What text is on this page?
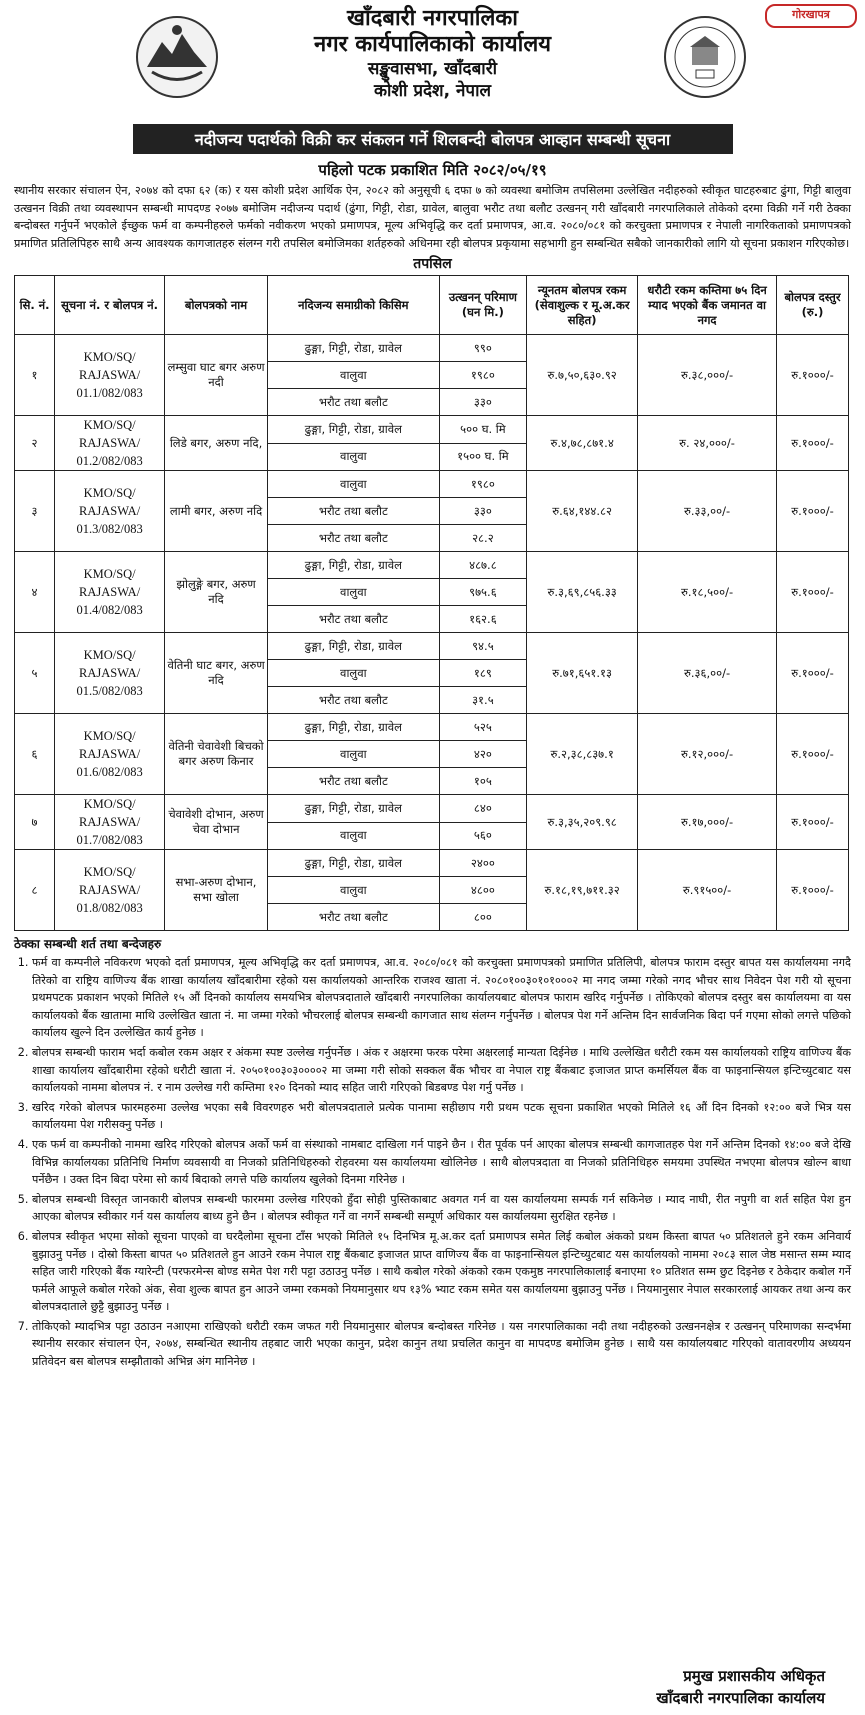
गोरखापत्र
खाँदबारी नगरपालिका
नगर कार्यपालिकाको कार्यालय
सङ्खुवासभा, खाँदबारी
कोशी प्रदेश, नेपाल
नदीजन्य पदार्थको विक्री कर संकलन गर्ने शिलबन्दी बोलपत्र आव्हान सम्बन्धी सूचना
पहिलो पटक प्रकाशित मिति २०८२/०५/१९
स्थानीय सरकार संचालन ऐन, २०७४ को दफा ६२ (क) र यस कोशी प्रदेश आर्थिक ऐन, २०८२ को अनुसूची ६ दफा ७ को व्यवस्था बमोजिम तपसिलमा उल्लेखित नदीहरुको स्वीकृत घाटहरुबाट ढुंगा, गिट्टी बालुवा उत्खनन विक्री तथा व्यवस्थापन सम्बन्धी मापदण्ड २०७७ बमोजिम नदीजन्य पदार्थ (ढुंगा, गिट्टी, रोडा, ग्रावेल, बालुवा भरौट तथा बलौट उत्खनन् गरी खाँदबारी नगरपालिकाले तोकेको दरमा विक्री गर्ने गरी ठेक्का बन्दोबस्त गर्नुपर्ने भएकोले ईच्छुक फर्म वा कम्पनीहरुले फर्मको नवीकरण भएको प्रमाणपत्र, मूल्य अभिवृद्धि कर दर्ता प्रमाणपत्र, आ.व. २०८०/०८१ को करचुक्ता प्रमाणपत्र र नेपाली नागरिकताको प्रमाणपत्रको प्रमाणित प्रतिलिपिहरु साथै अन्य आवश्यक कागजातहरु संलग्न गरी तपसिल बमोजिमका शर्तहरुको अधिनमा रही बोलपत्र प्रकृयामा सहभागी हुन सम्बन्धित सबैको जानकारीको लागि यो सूचना प्रकाशन गरिएकोछ।
तपसिल
सि. नं.	सूचना नं. र बोलपत्र नं.	बोलपत्रको नाम	नदिजन्य समाग्रीको किसिम	उत्खनन् परिमाण (घन मि.)	न्यूनतम बोलपत्र रकम (सेवाशुल्क र मू.अ.कर सहित)	धरौटी रकम कम्तिमा ७५ दिन म्याद भएको बैंक जमानत वा नगद	बोलपत्र दस्तुर (रु.)
१	KMO/SQ/ RAJASWA/ 01.1/082/083	लम्सुवा घाट बगर अरुण नदी	ढुङ्गा, गिट्टी, रोडा, ग्रावेल	९९०	रु.७,५०,६३०.९२	रु.३८,०००/-	रु.१०००/-
			वालुवा	१९८०			
			भरौट तथा बलौट	३३०			
२	KMO/SQ/ RAJASWA/ 01.2/082/083	लिडे बगर, अरुण नदि,	ढुङ्गा, गिट्टी, रोडा, ग्रावेल	५०० घ. मि	रु.४,७८,८७१.४	रु. २४,०००/-	रु.१०००/-
			वालुवा	१५०० घ. मि			
३	KMO/SQ/ RAJASWA/ 01.3/082/083	लामी बगर, अरुण नदि	वालुवा	१९८०	रु.६४,१४४.८२	रु.३३,००/-	रु.१०००/-
			भरौट तथा बलौट	३३०			
			भरौट तथा बलौट	२८.२			
४	KMO/SQ/ RAJASWA/ 01.4/082/083	झोलुङ्गे बगर, अरुण नदि	ढुङ्गा, गिट्टी, रोडा, ग्रावेल	४८७.८	रु.३,६९,८५६.३३	रु.१८,५००/-	रु.१०००/-
			वालुवा	९७५.६			
			भरौट तथा बलौट	१६२.६			
५	KMO/SQ/ RAJASWA/ 01.5/082/083	वेतिनी घाट बगर, अरुण नदि	ढुङ्गा, गिट्टी, रोडा, ग्रावेल	९४.५	रु.७१,६५१.१३	रु.३६,००/-	रु.१०००/-
			वालुवा	१८९			
			भरौट तथा बलौट	३१.५			
६	KMO/SQ/ RAJASWA/ 01.6/082/083	वेतिनी चेवावेशी बिचको बगर अरुण किनार	ढुङ्गा, गिट्टी, रोडा, ग्रावेल	५२५	रु.२,३८,८३७.१	रु.१२,०००/-	रु.१०००/-
			वालुवा	४२०			
			भरौट तथा बलौट	१०५			
७	KMO/SQ/ RAJASWA/ 01.7/082/083	चेवावेशी दोभान, अरुण चेवा दोभान	ढुङ्गा, गिट्टी, रोडा, ग्रावेल	८४०	रु.३,३५,२०९.९८	रु.१७,०००/-	रु.१०००/-
			वालुवा	५६०			
८	KMO/SQ/ RAJASWA/ 01.8/082/083	सभा-अरुण दोभान, सभा खोला	ढुङ्गा, गिट्टी, रोडा, ग्रावेल	२४००	रु.१८,१९,७११.३२	रु.९१५००/-	रु.१०००/-
			वालुवा	४८००			
			भरौट तथा बलौट	८००			
ठेक्का सम्बन्धी शर्त तथा बन्देजहरु
1. फर्म वा कम्पनीले नविकरण भएको दर्ता प्रमाणपत्र, मूल्य अभिवृद्धि कर दर्ता प्रमाणपत्र, आ.व. २०८०/०८१ को करचुक्ता प्रमाणपत्रको प्रमाणित प्रतिलिपी, बोलपत्र फाराम दस्तुर बापत यस कार्यालयमा नगदै तिरेको वा राष्ट्रिय वाणिज्य बैंक शाखा कार्यालय खाँदबारीमा रहेको यस कार्यालयको आन्तरिक राजश्व खाता नं. २०८०१००३०१०१०००२ मा नगद जम्मा गरेको नगद भौचर साथ निवेदन पेश गरी यो सूचना प्रथमपटक प्रकाशन भएको मितिले १५ औं दिनको कार्यालय समयभित्र बोलपत्रदाताले खाँदबारी नगरपालिका कार्यालयबाट बोलपत्र फाराम खरिद गर्नुपर्नेछ । तोकिएको बोलपत्र दस्तुर बस कार्यालयमा वा यस कार्यालयको बैंक खातामा माथि उल्लेखित खाता नं. मा जम्मा गरेको भौचरलाई बोलपत्र सम्बन्धी कागजात साथ संलग्न गर्नुपर्नेछ । बोलपत्र पेश गर्ने अन्तिम दिन सार्वजनिक बिदा पर्न गएमा सोको लगत्ते पछिको कार्यालय खुल्ने दिन उल्लेखित कार्य हुनेछ ।
2. बोलपत्र सम्बन्धी फाराम भर्दा कबोल रकम अक्षर र अंकमा स्पष्ट उल्लेख गर्नुपर्नेछ । अंक र अक्षरमा फरक परेमा अक्षरलाई मान्यता दिईनेछ । माथि उल्लेखित धरौटी रकम यस कार्यालयको राष्ट्रिय वाणिज्य बैंक शाखा कार्यालय खाँदबारीमा रहेको धरौटी खाता नं. २०५०१००३०३००००२ मा जम्मा गरी सोको सक्कल बैंक भौचर वा नेपाल राष्ट्र बैंकबाट इजाजत प्राप्त कमर्सियल बैंक वा फाइनान्सियल इन्टिच्युटबाट यस कार्यालयको नाममा बोलपत्र नं. र नाम उल्लेख गरी कम्तिमा १२० दिनको म्याद सहित जारी गरिएको बिडबण्ड पेश गर्नु पर्नेछ ।
3. खरिद गरेको बोलपत्र फारमहरुमा उल्लेख भएका सबै विवरणहरु भरी बोलपत्रदाताले प्रत्येक पानामा सहीछाप गरी प्रथम पटक सूचना प्रकाशित भएको मितिले १६ औं दिन दिनको १२:०० बजे भित्र यस कार्यालयमा पेश गरीसक्नु पर्नेछ ।
4. एक फर्म वा कम्पनीको नाममा खरिद गरिएको बोलपत्र अर्को फर्म वा संस्थाको नामबाट दाखिला गर्न पाइने छैन । रीत पूर्वक पर्न आएका बोलपत्र सम्बन्धी कागजातहरु पेश गर्ने अन्तिम दिनको १४:०० बजे देखि विभिन्न कार्यालयका प्रतिनिधि निर्माण व्यवसायी वा निजको प्रतिनिधिहरुको रोहवरमा यस कार्यालयमा खोलिनेछ । साथै बोलपत्रदाता वा निजको प्रतिनिधिहरु समयमा उपस्थित नभएमा बोलपत्र खोल्न बाधा पर्नेछैन । उक्त दिन बिदा परेमा सो कार्य बिदाको लगत्ते पछि कार्यालय खुलेको दिनमा गरिनेछ ।
5. बोलपत्र सम्बन्धी विस्तृत जानकारी बोलपत्र सम्बन्धी फारममा उल्लेख गरिएको हुँदा सोही पुस्तिकाबाट अवगत गर्न वा यस कार्यालयमा सम्पर्क गर्न सकिनेछ । म्याद नाघी, रीत नपुगी वा शर्त सहित पेश हुन आएका बोलपत्र स्वीकार गर्न यस कार्यालय बाध्य हुने छैन । बोलपत्र स्वीकृत गर्ने वा नगर्ने सम्बन्धी सम्पूर्ण अधिकार यस कार्यालयमा सुरक्षित रहनेछ ।
6. बोलपत्र स्वीकृत भएमा सोको सूचना पाएको वा घरदैलोमा सूचना टाँस भएको मितिले १५ दिनभित्र मू.अ.कर दर्ता प्रमाणपत्र समेत लिई कबोल अंकको प्रथम किस्ता बापत ५० प्रतिशतले हुने रकम अनिवार्य बुझाउनु पर्नेछ । दोस्रो किस्ता बापत ५० प्रतिशतले हुन आउने रकम नेपाल राष्ट्र बैंकबाट इजाजत प्राप्त वाणिज्य बैंक वा फाइनान्सियल इन्टिच्युटबाट यस कार्यालयको नाममा २०८३ साल जेष्ठ मसान्त सम्म म्याद सहित जारी गरिएको बैंक ग्यारेन्टी (परफरमेन्स बोण्ड समेत पेश गरी पट्टा उठाउनु पर्नेछ । साथै कबोल गरेको अंकको रकम एकमुष्ठ नगरपालिकालाई बनाएमा १० प्रतिशत सम्म छुट दिइनेछ र ठेकेदार कबोल गर्ने फर्मले आफूले कबोल गरेको अंक, सेवा शुल्क बापत हुन आउने जम्मा रकमको नियमानुसार थप १३% भ्याट रकम समेत यस कार्यालयमा बुझाउनु पर्नेछ । नियमानुसार नेपाल सरकारलाई आयकर तथा अन्य कर बोलपत्रदाताले छुट्टै बुझाउनु पर्नेछ ।
7. तोकिएको म्यादभित्र पट्टा उठाउन नआएमा राखिएको धरौटी रकम जफत गरी नियमानुसार बोलपत्र बन्दोबस्त गरिनेछ । यस नगरपालिकाका नदी तथा नदीहरुको उत्खननक्षेत्र र उत्खनन् परिमाणका सन्दर्भमा स्थानीय सरकार संचालन ऐन, २०७४, सम्बन्धित स्थानीय तहबाट जारी भएका कानुन, प्रदेश कानुन तथा प्रचलित कानुन वा मापदण्ड बमोजिम हुनेछ । साथै यस कार्यालयबाट गरिएको वातावरणीय अध्ययन प्रतिवेदन बस बोलपत्र सम्झौताको अभिन्न अंग मानिनेछ ।
प्रमुख प्रशासकीय अधिकृत
खाँदबारी नगरपालिका कार्यालय
